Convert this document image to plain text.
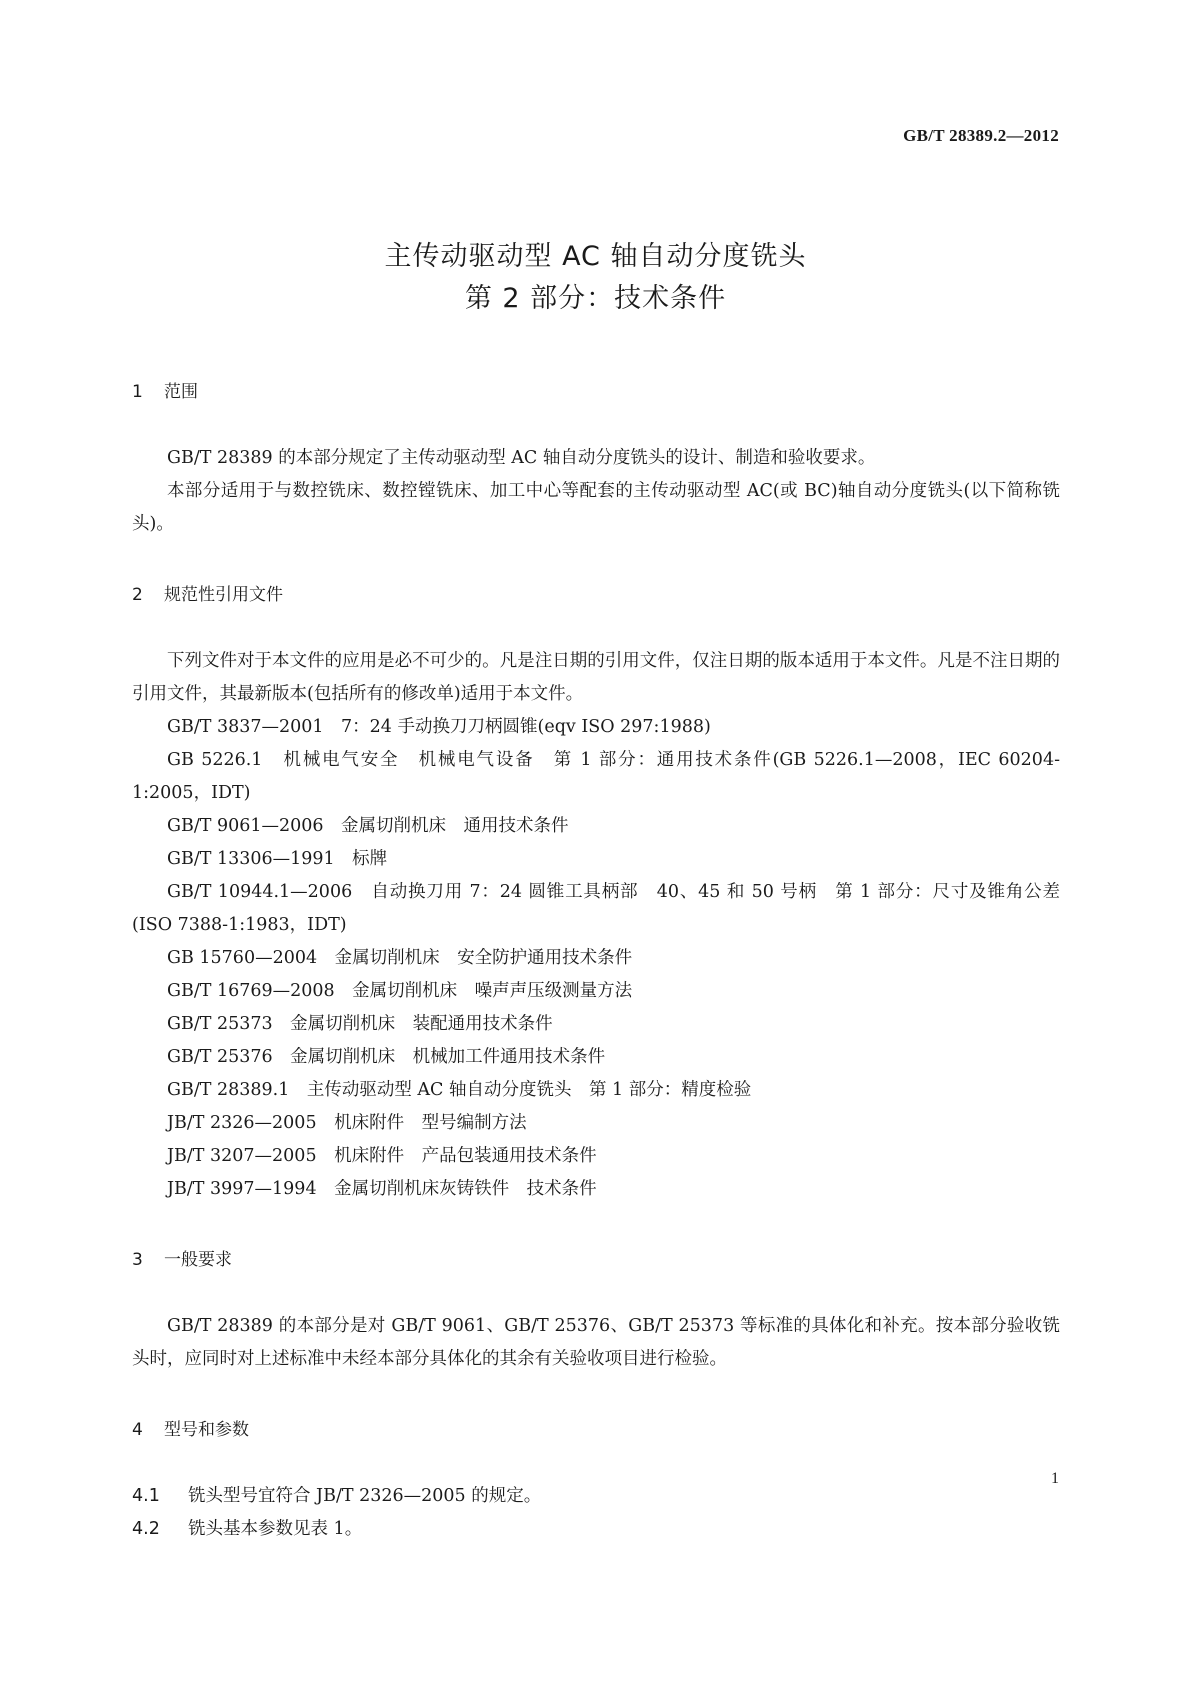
GB/T 28389.2—2012
主传动驱动型 AC 轴自动分度铣头
第 2 部分：技术条件
1 范围

GB/T 28389 的本部分规定了主传动驱动型 AC 轴自动分度铣头的设计、制造和验收要求。

本部分适用于与数控铣床、数控镗铣床、加工中心等配套的主传动驱动型 AC(或 BC)轴自动分度铣头(以下简称铣头)。

2 规范性引用文件

下列文件对于本文件的应用是必不可少的。凡是注日期的引用文件，仅注日期的版本适用于本文件。凡是不注日期的引用文件，其最新版本(包括所有的修改单)适用于本文件。

GB/T 3837—2001　7：24 手动换刀刀柄圆锥(eqv ISO 297:1988)

GB 5226.1　机械电气安全　机械电气设备　第 1 部分：通用技术条件(GB 5226.1—2008，IEC 60204-1:2005，IDT)

GB/T 9061—2006　金属切削机床　通用技术条件

GB/T 13306—1991　标牌

GB/T 10944.1—2006　自动换刀用 7：24 圆锥工具柄部　40、45 和 50 号柄　第 1 部分：尺寸及锥角公差(ISO 7388-1:1983，IDT)

GB 15760—2004　金属切削机床　安全防护通用技术条件

GB/T 16769—2008　金属切削机床　噪声声压级测量方法

GB/T 25373　金属切削机床　装配通用技术条件

GB/T 25376　金属切削机床　机械加工件通用技术条件

GB/T 28389.1　主传动驱动型 AC 轴自动分度铣头　第 1 部分：精度检验

JB/T 2326—2005　机床附件　型号编制方法

JB/T 3207—2005　机床附件　产品包装通用技术条件

JB/T 3997—1994　金属切削机床灰铸铁件　技术条件

3 一般要求

GB/T 28389 的本部分是对 GB/T 9061、GB/T 25376、GB/T 25373 等标准的具体化和补充。按本部分验收铣头时，应同时对上述标准中未经本部分具体化的其余有关验收项目进行检验。

4 型号和参数

4.1 铣头型号宜符合 JB/T 2326—2005 的规定。

4.2 铣头基本参数见表 1。

1
